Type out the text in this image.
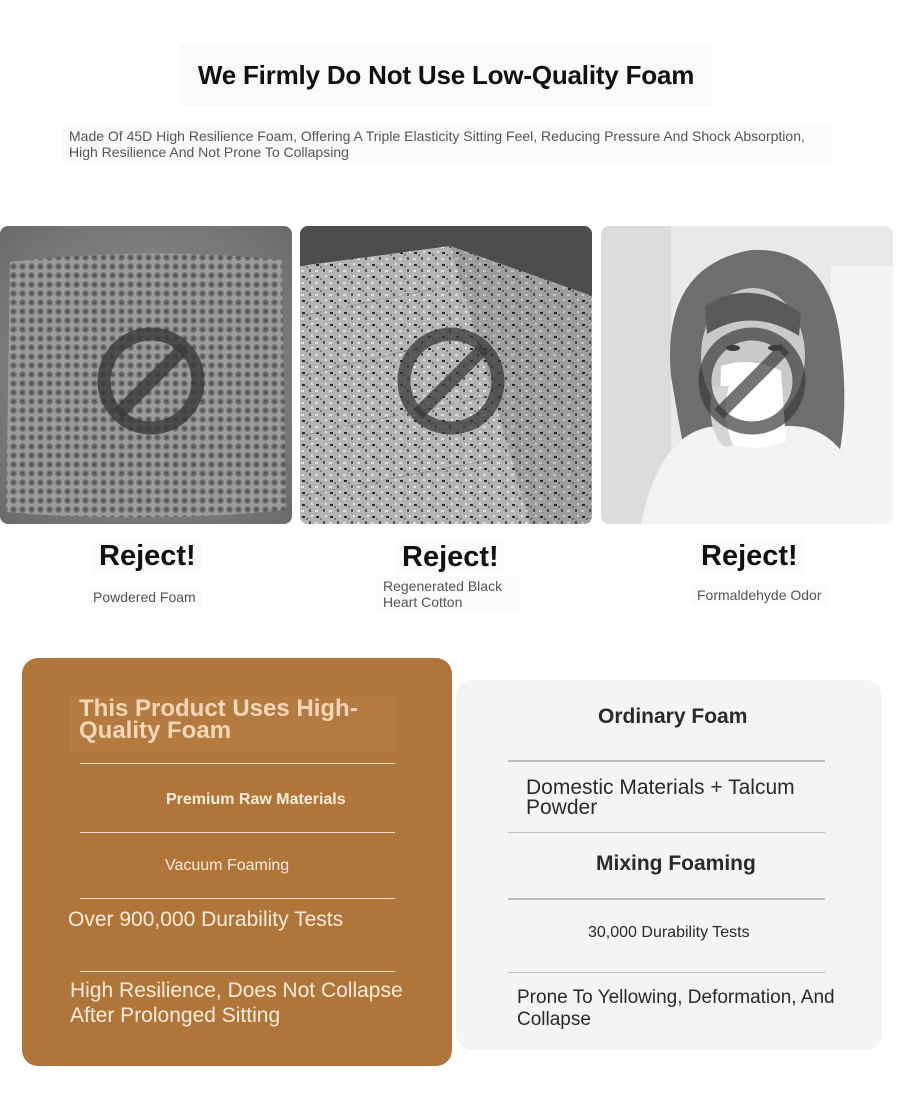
We Firmly Do Not Use Low-Quality Foam

Made Of 45D High Resilience Foam, Offering A Triple Elasticity Sitting Feel, Reducing Pressure And Shock Absorption, High Resilience And Not Prone To Collapsing

Reject!
Powdered Foam
Reject!
Regenerated Black Heart Cotton
Reject!
Formaldehyde Odor
This Product Uses High-Quality Foam
Premium Raw Materials
Vacuum Foaming
Over 900,000 Durability Tests
High Resilience, Does Not Collapse After Prolonged Sitting
Ordinary Foam
Domestic Materials + Talcum Powder
Mixing Foaming
30,000 Durability Tests
Prone To Yellowing, Deformation, And Collapse
